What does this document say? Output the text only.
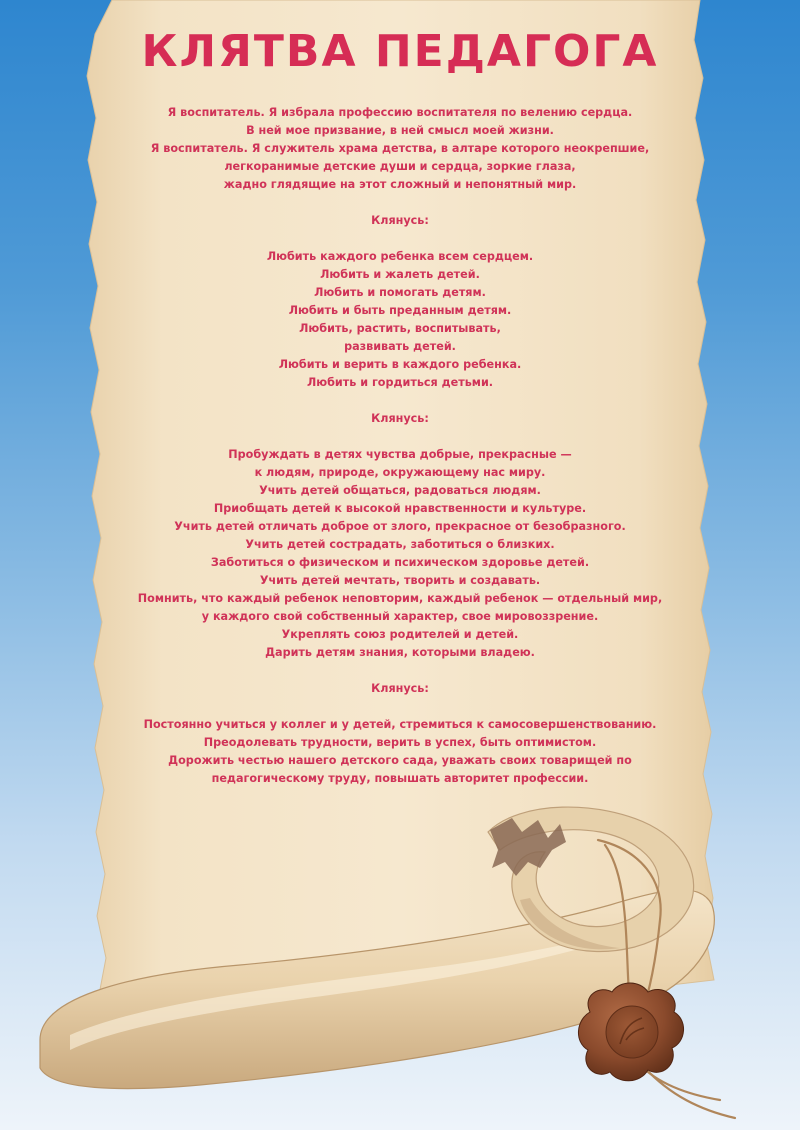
КЛЯТВА ПЕДАГОГА

Я воспитатель. Я избрала профессию воспитателя по велению сердца.
В ней мое призвание, в ней смысл моей жизни.
Я воспитатель. Я служитель храма детства, в алтаре которого неокрепшие,
легкоранимые детские души и сердца, зоркие глаза,
жадно глядящие на этот сложный и непонятный мир.

Клянусь:

Любить каждого ребенка всем сердцем.
Любить и жалеть детей.
Любить и помогать детям.
Любить и быть преданным детям.
Любить, растить, воспитывать,
развивать детей.
Любить и верить в каждого ребенка.
Любить и гордиться детьми.

Клянусь:

Пробуждать в детях чувства добрые, прекрасные —
к людям, природе, окружающему нас миру.
Учить детей общаться, радоваться людям.
Приобщать детей к высокой нравственности и культуре.
Учить детей отличать доброе от злого, прекрасное от безобразного.
Учить детей сострадать, заботиться о близких.
Заботиться о физическом и психическом здоровье детей.
Учить детей мечтать, творить и создавать.
Помнить, что каждый ребенок неповторим, каждый ребенок — отдельный мир,
у каждого свой собственный характер, свое мировоззрение.
Укреплять союз родителей и детей.
Дарить детям знания, которыми владею.

Клянусь:

Постоянно учиться у коллег и у детей, стремиться к самосовершенствованию.
Преодолевать трудности, верить в успех, быть оптимистом.
Дорожить честью нашего детского сада, уважать своих товарищей по
педагогическому труду, повышать авторитет профессии.
